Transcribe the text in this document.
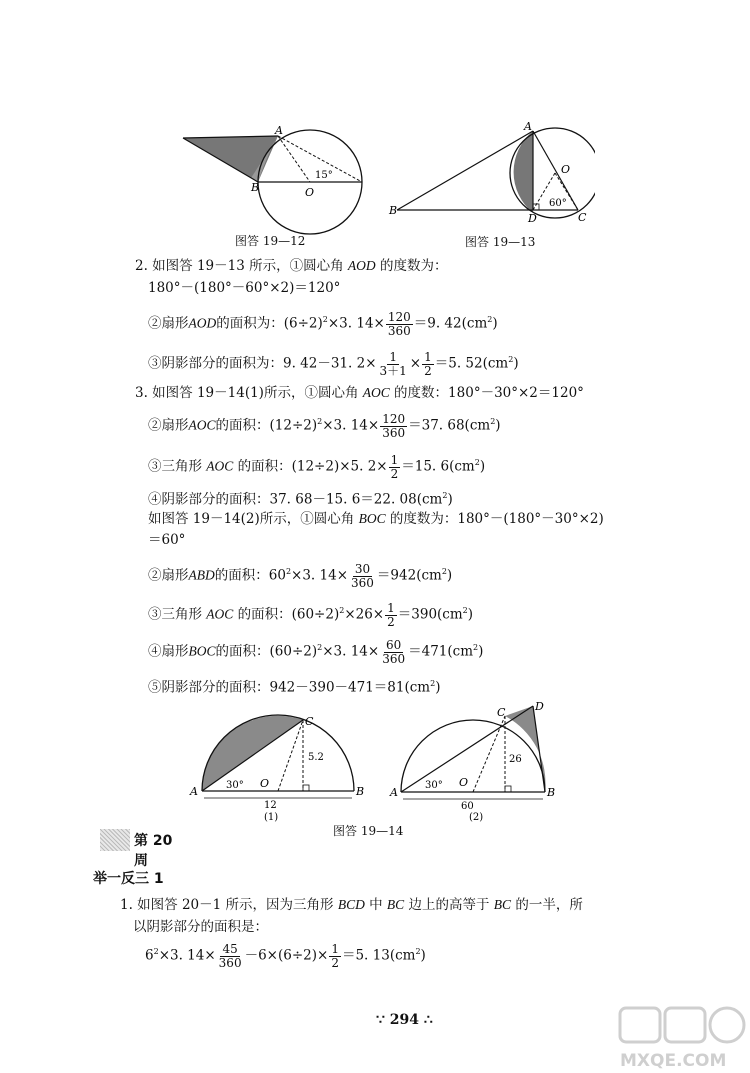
A
B	O
15°
图答 19—12
A
B
O
C
D
60°
图答 19—13
2. 如图答 19－13 所示，①圆心角 AOD 的度数为：
180°－(180°－60°×2)＝120°
②扇形AOD的面积为：$(6\div 2)^2\times 3$. $14\times \frac{120}{360} =9$. $42(cm^2)$
③阴影部分的面积为：9. 42－31. $2\times \frac{1}{3+1} \times \frac{1}{2} =5$. $52(cm^2)$
3. 如图答 19－14(1)所示，①圆心角 AOC 的度数：180°－30°×2＝120°
②扇形AOC的面积：$(12\div 2)^2\times 3$. $14\times \frac{120}{360} =37$. $68(cm^2)$
③三角形 AOC 的面积：(12÷2)×5. $2\times \frac{1}{2} =15$. $6(cm^2)$
④阴影部分的面积：37. 68－15. 6＝22. $08(cm^2)$
如图答 19－14(2)所示，①圆心角 BOC 的度数为：180°－(180°－30°×2)
＝60°
②扇形ABD的面积：$60^2\times 3$. $14\times \frac{30}{360} =942(cm^2)$
③三角形 AOC 的面积：$(60\div 2)^2\times 26\times \frac{1}{2} =390(cm^2)$
④扇形BOC的面积：$(60\div 2)^2\times 3$. $14\times \frac{60}{360} =471(cm^2)$
⑤阴影部分的面积：$942-390-471=81(cm^2)$
A	B
C
O
30°
12
5.2
(1)
A	B
C	D
O
30°
60
26
(2)
图答 19—14
第 20 周
举一反三 1
1. 如图答 20－1 所示，因为三角形 BCD 中 BC 边上的高等于 BC 的一半，所
以阴影部分的面积是：
$6^2\times 3$. $14\times \frac{45}{360} -6\times(6\div 2)\times \frac{1}{2} =5$. $13(cm^2)$
∵ 294 ∴
MXQE.COM
